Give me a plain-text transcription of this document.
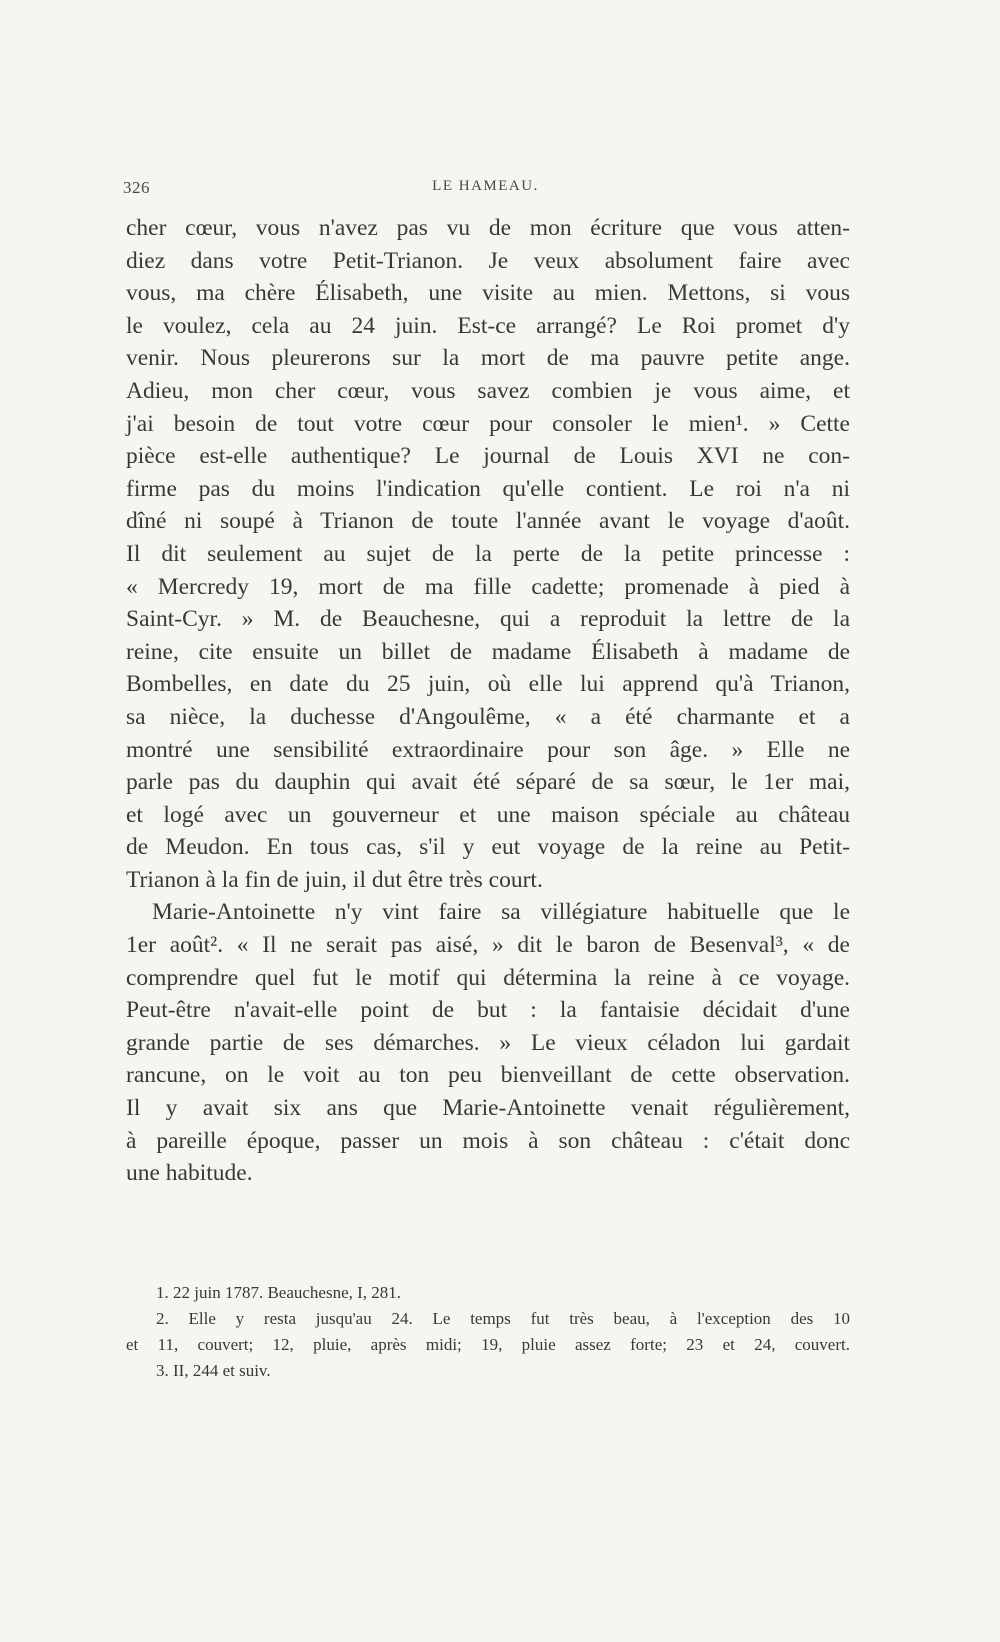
326	LE HAMEAU.
cher cœur, vous n'avez pas vu de mon écriture que vous atten-
diez dans votre Petit-Trianon. Je veux absolument faire avec
vous, ma chère Élisabeth, une visite au mien. Mettons, si vous
le voulez, cela au 24 juin. Est-ce arrangé? Le Roi promet d'y
venir. Nous pleurerons sur la mort de ma pauvre petite ange.
Adieu, mon cher cœur, vous savez combien je vous aime, et
j'ai besoin de tout votre cœur pour consoler le mien¹. » Cette
pièce est-elle authentique? Le journal de Louis XVI ne con-
firme pas du moins l'indication qu'elle contient. Le roi n'a ni
dîné ni soupé à Trianon de toute l'année avant le voyage d'août.
Il dit seulement au sujet de la perte de la petite princesse :
« Mercredy 19, mort de ma fille cadette; promenade à pied à
Saint-Cyr. » M. de Beauchesne, qui a reproduit la lettre de la
reine, cite ensuite un billet de madame Élisabeth à madame de
Bombelles, en date du 25 juin, où elle lui apprend qu'à Trianon,
sa nièce, la duchesse d'Angoulême, « a été charmante et a
montré une sensibilité extraordinaire pour son âge. » Elle ne
parle pas du dauphin qui avait été séparé de sa sœur, le 1er mai,
et logé avec un gouverneur et une maison spéciale au château
de Meudon. En tous cas, s'il y eut voyage de la reine au Petit-
Trianon à la fin de juin, il dut être très court.
Marie-Antoinette n'y vint faire sa villégiature habituelle que le
1er août². « Il ne serait pas aisé, » dit le baron de Besenval³, « de
comprendre quel fut le motif qui détermina la reine à ce voyage.
Peut-être n'avait-elle point de but : la fantaisie décidait d'une
grande partie de ses démarches. » Le vieux céladon lui gardait
rancune, on le voit au ton peu bienveillant de cette observation.
Il y avait six ans que Marie-Antoinette venait régulièrement,
à pareille époque, passer un mois à son château : c'était donc
une habitude.
1. 22 juin 1787. Beauchesne, I, 281.
2. Elle y resta jusqu'au 24. Le temps fut très beau, à l'exception des 10
et 11, couvert; 12, pluie, après midi; 19, pluie assez forte; 23 et 24, couvert.
3. II, 244 et suiv.
